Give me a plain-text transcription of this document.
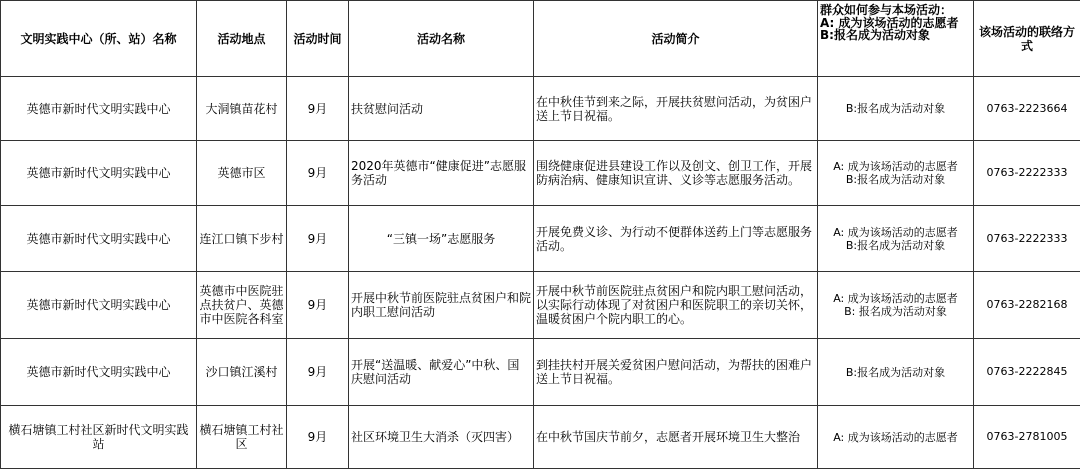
文明实践中心（所、站）名称	活动地点	活动时间	活动名称	活动简介	群众如何参与本场活动：
A: 成为该场活动的志愿者
B:报名成为活动对象	该场活动的联络方式
英德市新时代文明实践中心	大洞镇苗花村	9月	扶贫慰问活动	在中秋佳节到来之际，开展扶贫慰问活动，为贫困户送上节日祝福。	B:报名成为活动对象	0763-2223664
英德市新时代文明实践中心	英德市区	9月	2020年英德市“健康促进”志愿服务活动	围绕健康促进县建设工作以及创文、创卫工作，开展防病治病、健康知识宣讲、义诊等志愿服务活动。	A: 成为该场活动的志愿者
B:报名成为活动对象	0763-2222333
英德市新时代文明实践中心	连江口镇下步村	9月	“三镇一场”志愿服务	开展免费义诊、为行动不便群体送药上门等志愿服务活动。	A: 成为该场活动的志愿者
B:报名成为活动对象	0763-2222333
英德市新时代文明实践中心	英德市中医院驻点扶贫户、英德市中医院各科室	9月	开展中秋节前医院驻点贫困户和院内职工慰问活动	开展中秋节前医院驻点贫困户和院内职工慰问活动，以实际行动体现了对贫困户和医院职工的亲切关怀，温暖贫困户个院内职工的心。	A: 成为该场活动的志愿者
B: 报名成为活动对象	0763-2282168
英德市新时代文明实践中心	沙口镇江溪村	9月	开展“送温暖、献爱心”中秋、国庆慰问活动	到挂扶村开展关爱贫困户慰问活动，为帮扶的困难户送上节日祝福。	B:报名成为活动对象	0763-2222845
横石塘镇工村社区新时代文明实践站	横石塘镇工村社区	9月	社区环境卫生大消杀（灭四害）	在中秋节国庆节前夕，志愿者开展环境卫生大整治	A: 成为该场活动的志愿者	0763-2781005
